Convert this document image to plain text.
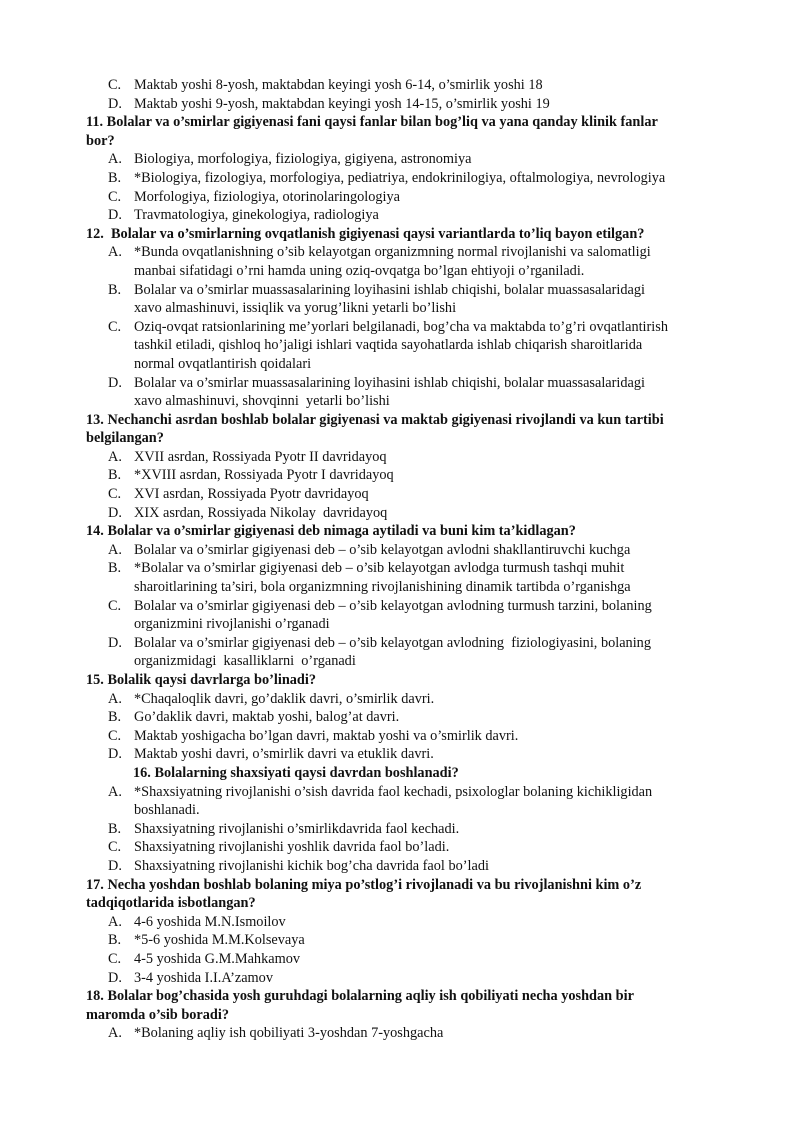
C. Maktab yoshi 8-yosh, maktabdan keyingi yosh 6-14, o’smirlik yoshi 18
D. Maktab yoshi 9-yosh, maktabdan keyingi yosh 14-15, o’smirlik yoshi 19
11. Bolalar va o’smirlar gigiyenasi fani qaysi fanlar bilan bog’liq va yana qanday klinik fanlar
bor?
A. Biologiya, morfologiya, fiziologiya, gigiyena, astronomiya
B. *Biologiya, fizologiya, morfologiya, pediatriya, endokrinilogiya, oftalmologiya, nevrologiya
C. Morfologiya, fiziologiya, otorinolaringologiya
D. Travmatologiya, ginekologiya, radiologiya
12.  Bolalar va o’smirlarning ovqatlanish gigiyenasi qaysi variantlarda to’liq bayon etilgan?
A. *Bunda ovqatlanishning o’sib kelayotgan organizmning normal rivojlanishi va salomatligi
manbai sifatidagi o’rni hamda uning oziq-ovqatga bo’lgan ehtiyoji o’rganiladi.
B. Bolalar va o’smirlar muassasalarining loyihasini ishlab chiqishi, bolalar muassasalaridagi
xavo almashinuvi, issiqlik va yorug’likni yetarli bo’lishi
C. Oziq-ovqat ratsionlarining me’yorlari belgilanadi, bog’cha va maktabda to’g’ri ovqatlantirish
tashkil etiladi, qishloq ho’jaligi ishlari vaqtida sayohatlarda ishlab chiqarish sharoitlarida
normal ovqatlantirish qoidalari
D. Bolalar va o’smirlar muassasalarining loyihasini ishlab chiqishi, bolalar muassasalaridagi
xavo almashinuvi, shovqinni  yetarli bo’lishi
13. Nechanchi asrdan boshlab bolalar gigiyenasi va maktab gigiyenasi rivojlandi va kun tartibi
belgilangan?
A. XVII asrdan, Rossiyada Pyotr II davridayoq
B. *XVIII asrdan, Rossiyada Pyotr I davridayoq
C. XVI asrdan, Rossiyada Pyotr davridayoq
D. XIX asrdan, Rossiyada Nikolay  davridayoq
14. Bolalar va o’smirlar gigiyenasi deb nimaga aytiladi va buni kim ta’kidlagan?
A. Bolalar va o’smirlar gigiyenasi deb – o’sib kelayotgan avlodni shakllantiruvchi kuchga
B. *Bolalar va o’smirlar gigiyenasi deb – o’sib kelayotgan avlodga turmush tashqi muhit
sharoitlarining ta’siri, bola organizmning rivojlanishining dinamik tartibda o’rganishga
C. Bolalar va o’smirlar gigiyenasi deb – o’sib kelayotgan avlodning turmush tarzini, bolaning
organizmini rivojlanishi o’rganadi
D. Bolalar va o’smirlar gigiyenasi deb – o’sib kelayotgan avlodning  fiziologiyasini, bolaning
organizmidagi  kasalliklarni  o’rganadi
15. Bolalik qaysi davrlarga bo’linadi?
A. *Chaqaloqlik davri, go’daklik davri, o’smirlik davri.
B. Go’daklik davri, maktab yoshi, balog’at davri.
C. Maktab yoshigacha bo’lgan davri, maktab yoshi va o’smirlik davri.
D. Maktab yoshi davri, o’smirlik davri va etuklik davri.
16. Bolalarning shaxsiyati qaysi davrdan boshlanadi?
A. *Shaxsiyatning rivojlanishi o’sish davrida faol kechadi, psixologlar bolaning kichikligidan
boshlanadi.
B. Shaxsiyatning rivojlanishi o’smirlikdavrida faol kechadi.
C. Shaxsiyatning rivojlanishi yoshlik davrida faol bo’ladi.
D. Shaxsiyatning rivojlanishi kichik bog’cha davrida faol bo’ladi
17. Necha yoshdan boshlab bolaning miya po’stlog’i rivojlanadi va bu rivojlanishni kim o’z
tadqiqotlarida isbotlangan?
A. 4-6 yoshida M.N.Ismoilov
B. *5-6 yoshida M.M.Kolsevaya
C. 4-5 yoshida G.M.Mahkamov
D. 3-4 yoshida I.I.A’zamov
18. Bolalar bog’chasida yosh guruhdagi bolalarning aqliy ish qobiliyati necha yoshdan bir
maromda o’sib boradi?
A. *Bolaning aqliy ish qobiliyati 3-yoshdan 7-yoshgacha
